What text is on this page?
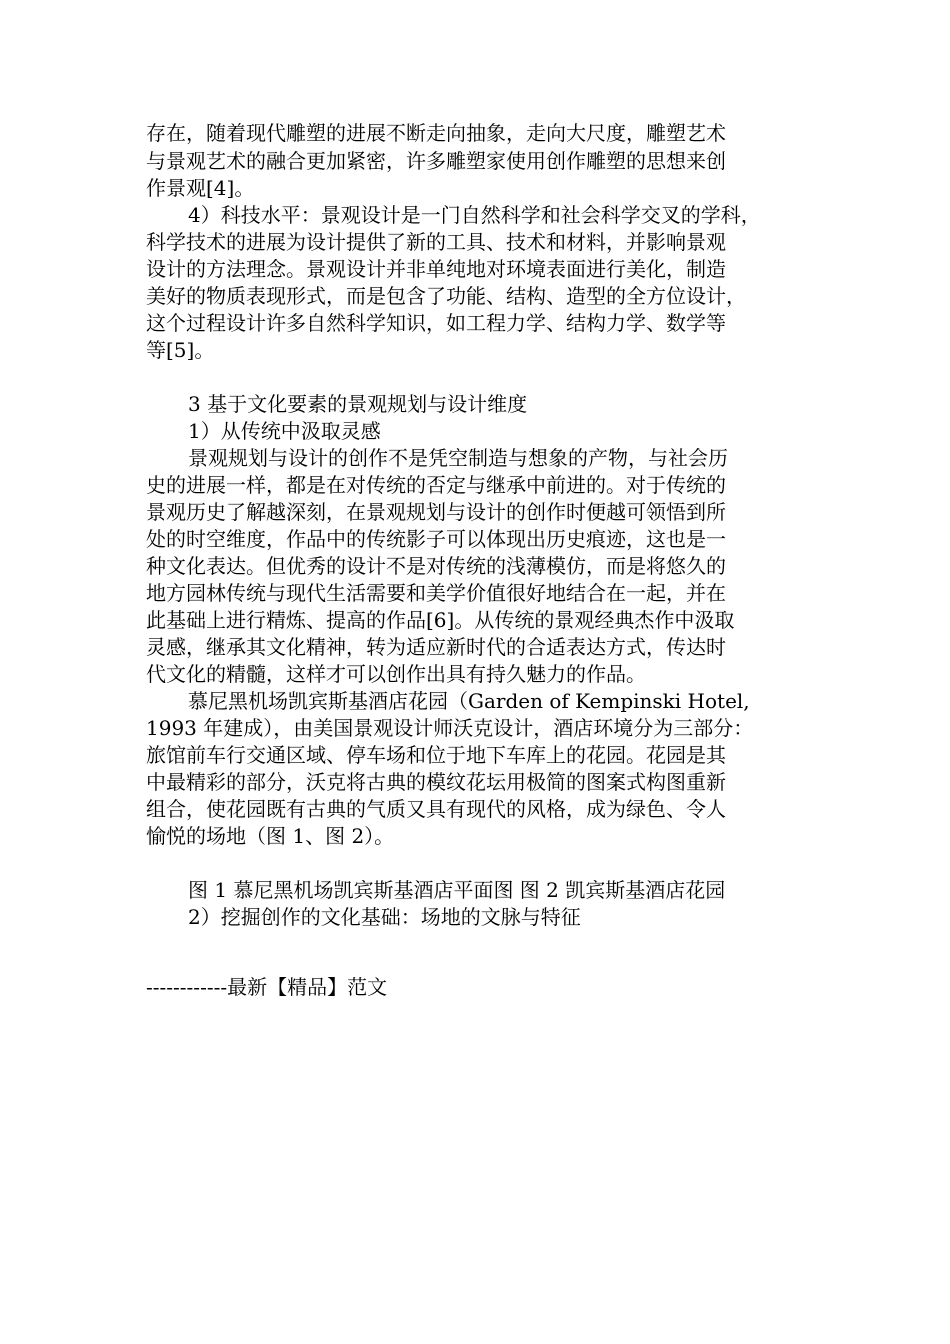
存在，随着现代雕塑的进展不断走向抽象，走向大尺度，雕塑艺术
与景观艺术的融合更加紧密，许多雕塑家使用创作雕塑的思想来创
作景观[4]。
4）科技水平：景观设计是一门自然科学和社会科学交叉的学科，
科学技术的进展为设计提供了新的工具、技术和材料，并影响景观
设计的方法理念。景观设计并非单纯地对环境表面进行美化，制造
美好的物质表现形式，而是包含了功能、结构、造型的全方位设计，
这个过程设计许多自然科学知识，如工程力学、结构力学、数学等
等[5]。
3 基于文化要素的景观规划与设计维度
1）从传统中汲取灵感
景观规划与设计的创作不是凭空制造与想象的产物，与社会历
史的进展一样，都是在对传统的否定与继承中前进的。对于传统的
景观历史了解越深刻，在景观规划与设计的创作时便越可领悟到所
处的时空维度，作品中的传统影子可以体现出历史痕迹，这也是一
种文化表达。但优秀的设计不是对传统的浅薄模仿，而是将悠久的
地方园林传统与现代生活需要和美学价值很好地结合在一起，并在
此基础上进行精炼、提高的作品[6]。从传统的景观经典杰作中汲取
灵感，继承其文化精神，转为适应新时代的合适表达方式，传达时
代文化的精髓，这样才可以创作出具有持久魅力的作品。
慕尼黑机场凯宾斯基酒店花园（Garden of Kempinski Hotel,
1993 年建成），由美国景观设计师沃克设计，酒店环境分为三部分：
旅馆前车行交通区域、停车场和位于地下车库上的花园。花园是其
中最精彩的部分，沃克将古典的模纹花坛用极简的图案式构图重新
组合，使花园既有古典的气质又具有现代的风格，成为绿色、令人
愉悦的场地（图 1、图 2）。
图 1 慕尼黑机场凯宾斯基酒店平面图 图 2 凯宾斯基酒店花园
2）挖掘创作的文化基础：场地的文脉与特征
------------最新【精品】范文
